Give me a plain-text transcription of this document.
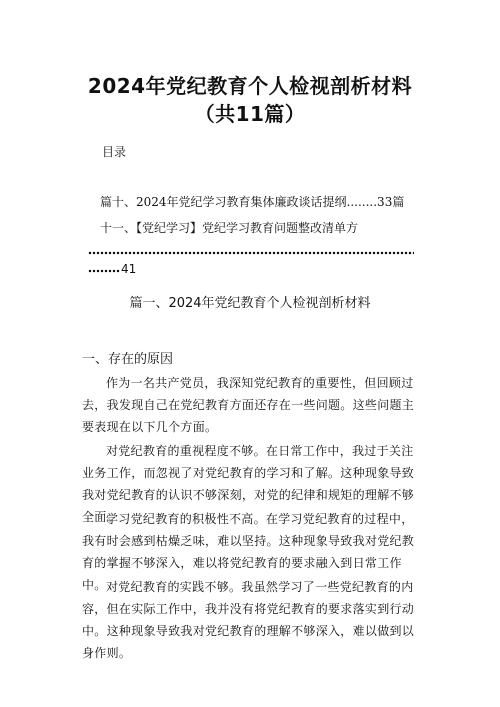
2024年党纪教育个人检视剖析材料（共11篇）
目录
篇十、2024年党纪学习教育集体廉政谈话提纲........33篇
十一、【党纪学习】党纪学习教育问题整改清单方
41
篇一、2024年党纪教育个人检视剖析材料
一、存在的原因
作为一名共产党员，我深知党纪教育的重要性，但回顾过去，我发现自己在党纪教育方面还存在一些问题。这些问题主要表现在以下几个方面。
对党纪教育的重视程度不够。在日常工作中，我过于关注业务工作，而忽视了对党纪教育的学习和了解。这种现象导致我对党纪教育的认识不够深刻，对党的纪律和规矩的理解不够全面。
学习党纪教育的积极性不高。在学习党纪教育的过程中，我有时会感到枯燥乏味，难以坚持。这种现象导致我对党纪教育的掌握不够深入，难以将党纪教育的要求融入到日常工作中。 对党纪教育的实践不够。我虽然学习了一些党纪教育的内容，但在实际工作中，我并没有将党纪教育的要求落实到行动中。这种现象导致我对党纪教育的理解不够深入，难以做到以身作则。
